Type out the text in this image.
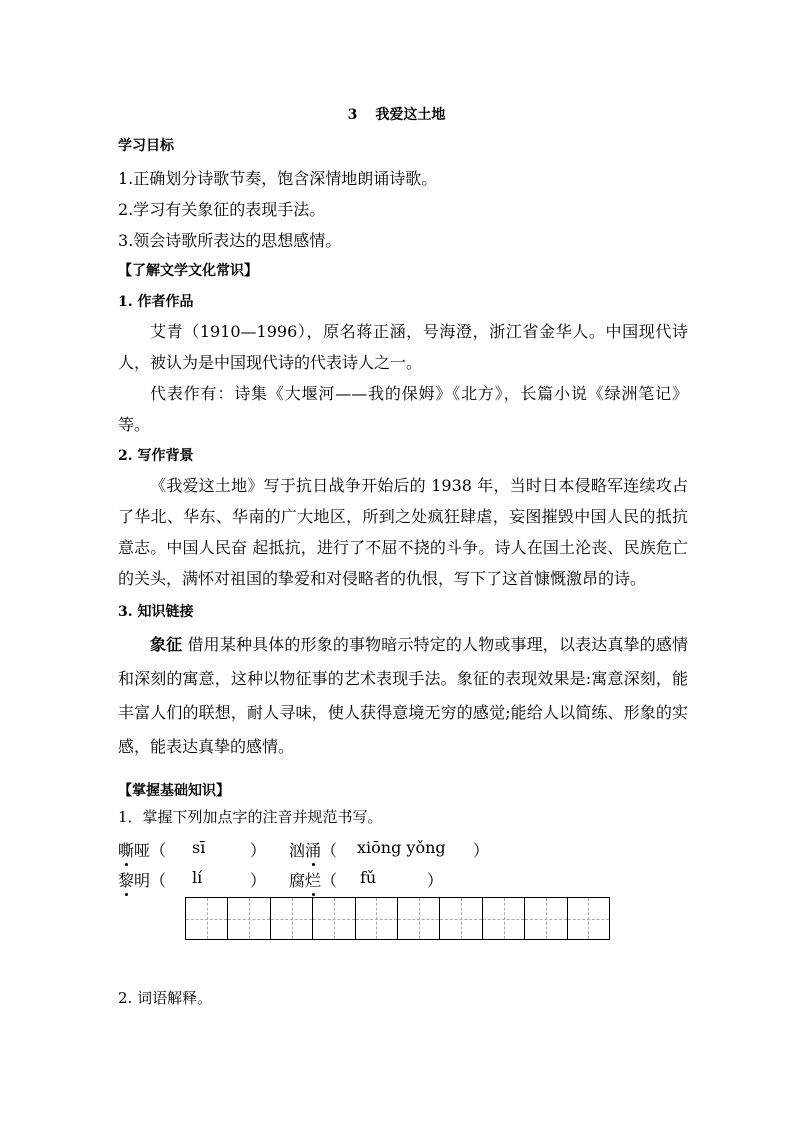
3 我爱这土地
学习目标
1.正确划分诗歌节奏，饱含深情地朗诵诗歌。
2.学习有关象征的表现手法。
3.领会诗歌所表达的思想感情。
【了解文学文化常识】
1. 作者作品
艾青（1910—1996），原名蒋正涵，号海澄，浙江省金华人。中国现代诗人，被认为是中国现代诗的代表诗人之一。
代表作有：诗集《大堰河——我的保姆》《北方》，长篇小说《绿洲笔记》等。
2. 写作背景
《我爱这土地》写于抗日战争开始后的 1938 年，当时日本侵略军连续攻占了华北、华东、华南的广大地区，所到之处疯狂肆虐，妄图摧毁中国人民的抵抗意志。中国人民奋 起抵抗，进行了不屈不挠的斗争。诗人在国土沦丧、民族危亡的关头，满怀对祖国的挚爱和对侵略者的仇恨，写下了这首慷慨激昂的诗。
3. 知识链接
象征 借用某种具体的形象的事物暗示特定的人物或事理，以表达真挚的感情和深刻的寓意，这种以物征事的艺术表现手法。象征的表现效果是:寓意深刻，能丰富人们的联想，耐人寻味，使人获得意境无穷的感觉;能给人以简练、形象的实感，能表达真挚的感情。
【掌握基础知识】
1．掌握下列加点字的注音并规范书写。
嘶哑（ sī	） 汹涌（ xiōng yǒng ）
黎明（ lí	） 腐烂（ fǔ	）
2. 词语解释。
